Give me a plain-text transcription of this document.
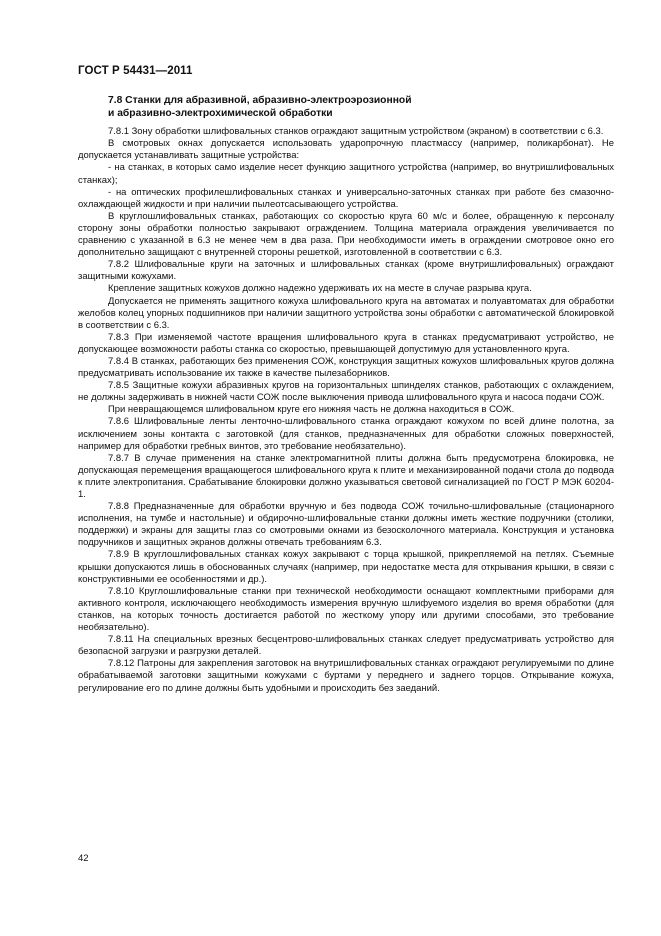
ГОСТ Р 54431—2011
7.8 Станки для абразивной, абразивно-электроэрозионной
и абразивно-электрохимической обработки

7.8.1 Зону обработки шлифовальных станков ограждают защитным устройством (экраном) в соответствии с 6.3.

В смотровых окнах допускается использовать ударопрочную пластмассу (например, поликарбонат). Не допускается устанавливать защитные устройства:

- на станках, в которых само изделие несет функцию защитного устройства (например, во внутришлифовальных станках);

- на оптических профилешлифовальных станках и универсально-заточных станках при работе без смазочно-охлаждающей жидкости и при наличии пылеотсасывающего устройства.

В круглошлифовальных станках, работающих со скоростью круга 60 м/с и более, обращенную к персоналу сторону зоны обработки полностью закрывают ограждением. Толщина материала ограждения увеличивается по сравнению с указанной в 6.3 не менее чем в два раза. При необходимости иметь в ограждении смотровое окно его дополнительно защищают с внутренней стороны решеткой, изготовленной в соответствии с 6.3.

7.8.2 Шлифовальные круги на заточных и шлифовальных станках (кроме внутришлифовальных) ограждают защитными кожухами.

Крепление защитных кожухов должно надежно удерживать их на месте в случае разрыва круга.

Допускается не применять защитного кожуха шлифовального круга на автоматах и полуавтоматах для обработки желобов колец упорных подшипников при наличии защитного устройства зоны обработки с автоматической блокировкой в соответствии с 6.3.

7.8.3 При изменяемой частоте вращения шлифовального круга в станках предусматривают устройство, не допускающее возможности работы станка со скоростью, превышающей допустимую для установленного круга.

7.8.4 В станках, работающих без применения СОЖ, конструкция защитных кожухов шлифовальных кругов должна предусматривать использование их также в качестве пылезаборников.

7.8.5 Защитные кожухи абразивных кругов на горизонтальных шпинделях станков, работающих с охлаждением, не должны задерживать в нижней части СОЖ после выключения привода шлифовального круга и насоса подачи СОЖ.

При невращающемся шлифовальном круге его нижняя часть не должна находиться в СОЖ.

7.8.6 Шлифовальные ленты ленточно-шлифовального станка ограждают кожухом по всей длине полотна, за исключением зоны контакта с заготовкой (для станков, предназначенных для обработки сложных поверхностей, например для обработки гребных винтов, это требование необязательно).

7.8.7 В случае применения на станке электромагнитной плиты должна быть предусмотрена блокировка, не допускающая перемещения вращающегося шлифовального круга к плите и механизированной подачи стола до подвода к плите электропитания. Срабатывание блокировки должно указываться световой сигнализацией по ГОСТ Р МЭК 60204-1.

7.8.8 Предназначенные для обработки вручную и без подвода СОЖ точильно-шлифовальные (стационарного исполнения, на тумбе и настольные) и обдирочно-шлифовальные станки должны иметь жесткие подручники (столики, поддержки) и экраны для защиты глаз со смотровыми окнами из безосколочного материала. Конструкция и установка подручников и защитных экранов должны отвечать требованиям 6.3.

7.8.9 В круглошлифовальных станках кожух закрывают с торца крышкой, прикрепляемой на петлях. Съемные крышки допускаются лишь в обоснованных случаях (например, при недостатке места для открывания крышки, в связи с конструктивными ее особенностями и др.).

7.8.10 Круглошлифовальные станки при технической необходимости оснащают комплектными приборами для активного контроля, исключающего необходимость измерения вручную шлифуемого изделия во время обработки (для станков, на которых точность достигается работой по жесткому упору или другими способами, это требование необязательно).

7.8.11 На специальных врезных бесцентрово-шлифовальных станках следует предусматривать устройство для безопасной загрузки и разгрузки деталей.

7.8.12 Патроны для закрепления заготовок на внутришлифовальных станках ограждают регулируемыми по длине обрабатываемой заготовки защитными кожухами с буртами у переднего и заднего торцов. Открывание кожуха, регулирование его по длине должны быть удобными и происходить без заеданий.

42
